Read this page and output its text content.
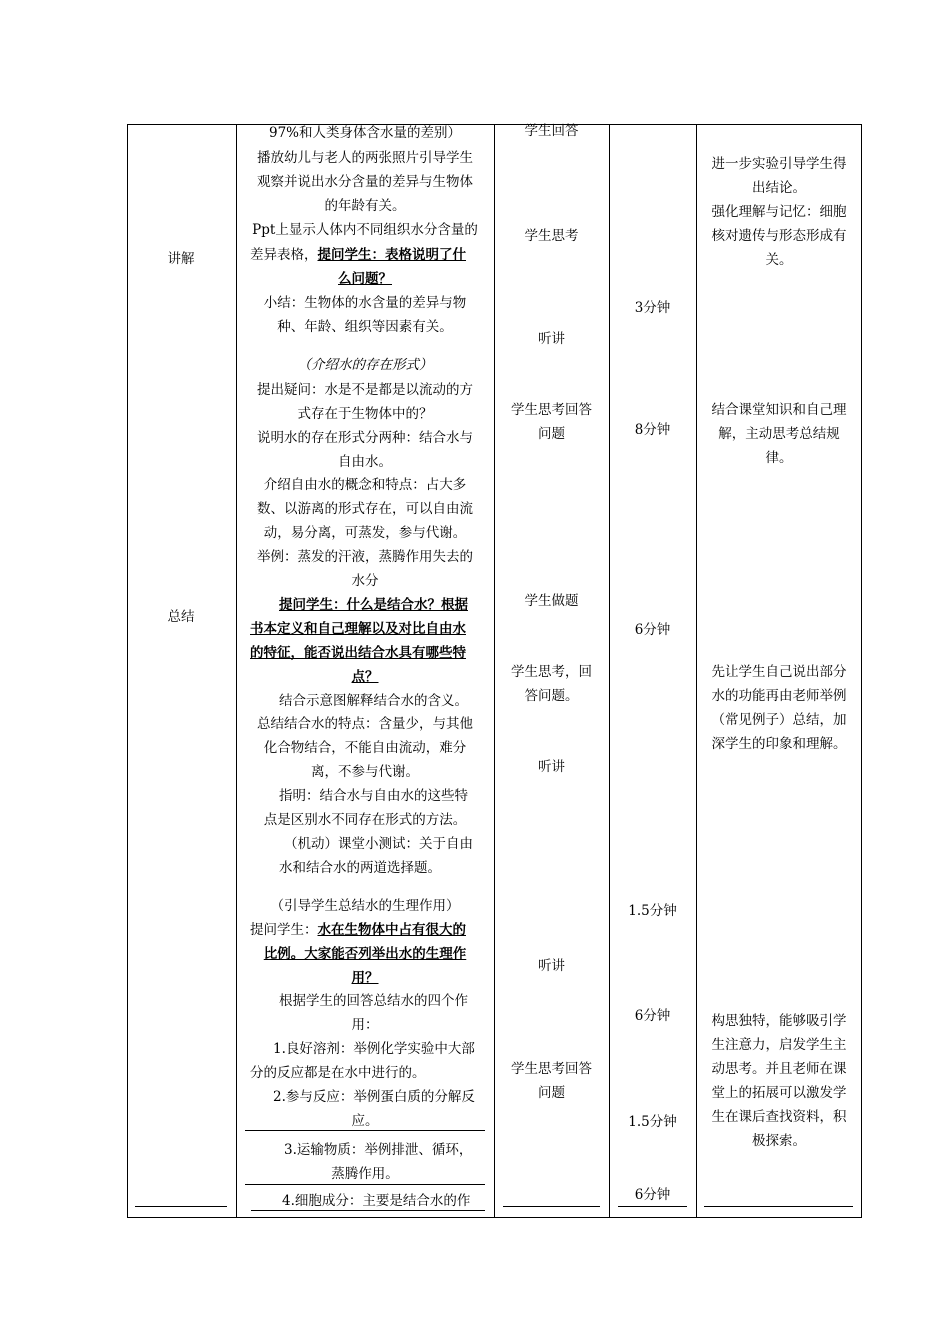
讲解
总结
97%和人类身体含水量的差别）
播放幼儿与老人的两张照片引导学生
观察并说出水分含量的差异与生物体
的年龄有关。
Ppt上显示人体内不同组织水分含量的
差异表格，提问学生：表格说明了什
么问题？
小结：生物体的水含量的差异与物
种、年龄、组织等因素有关。
（介绍水的存在形式）
提出疑问：水是不是都是以流动的方
式存在于生物体中的？
说明水的存在形式分两种：结合水与
自由水。
介绍自由水的概念和特点：占大多
数、以游离的形式存在，可以自由流
动，易分离，可蒸发，参与代谢。
举例：蒸发的汗液，蒸腾作用失去的
水分
提问学生：什么是结合水？根据
书本定义和自己理解以及对比自由水
的特征，能否说出结合水具有哪些特
点？
结合示意图解释结合水的含义。
总结结合水的特点：含量少，与其他
化合物结合，不能自由流动，难分
离，不参与代谢。
指明：结合水与自由水的这些特
点是区别水不同存在形式的方法。
（机动）课堂小测试：关于自由
水和结合水的两道选择题。
（引导学生总结水的生理作用）
提问学生：水在生物体中占有很大的
比例。大家能否列举出水的生理作
用？
根据学生的回答总结水的四个作
用：
1.良好溶剂：举例化学实验中大部
分的反应都是在水中进行的。
2.参与反应：举例蛋白质的分解反
应。
3.运输物质：举例排泄、循环，
蒸腾作用。
4.细胞成分：主要是结合水的作
学生回答
学生思考
听讲
学生思考回答
问题
学生做题
学生思考，回
答问题。
听讲
听讲
学生思考回答
问题
3分钟
8分钟
6分钟
1.5分钟
6分钟
1.5分钟
6分钟
进一步实验引导学生得
出结论。
强化理解与记忆：细胞
核对遗传与形态形成有
关。
结合课堂知识和自己理
解，主动思考总结规
律。
先让学生自己说出部分
水的功能再由老师举例
（常见例子）总结，加
深学生的印象和理解。
构思独特，能够吸引学
生注意力，启发学生主
动思考。并且老师在课
堂上的拓展可以激发学
生在课后查找资料，积
极探索。
